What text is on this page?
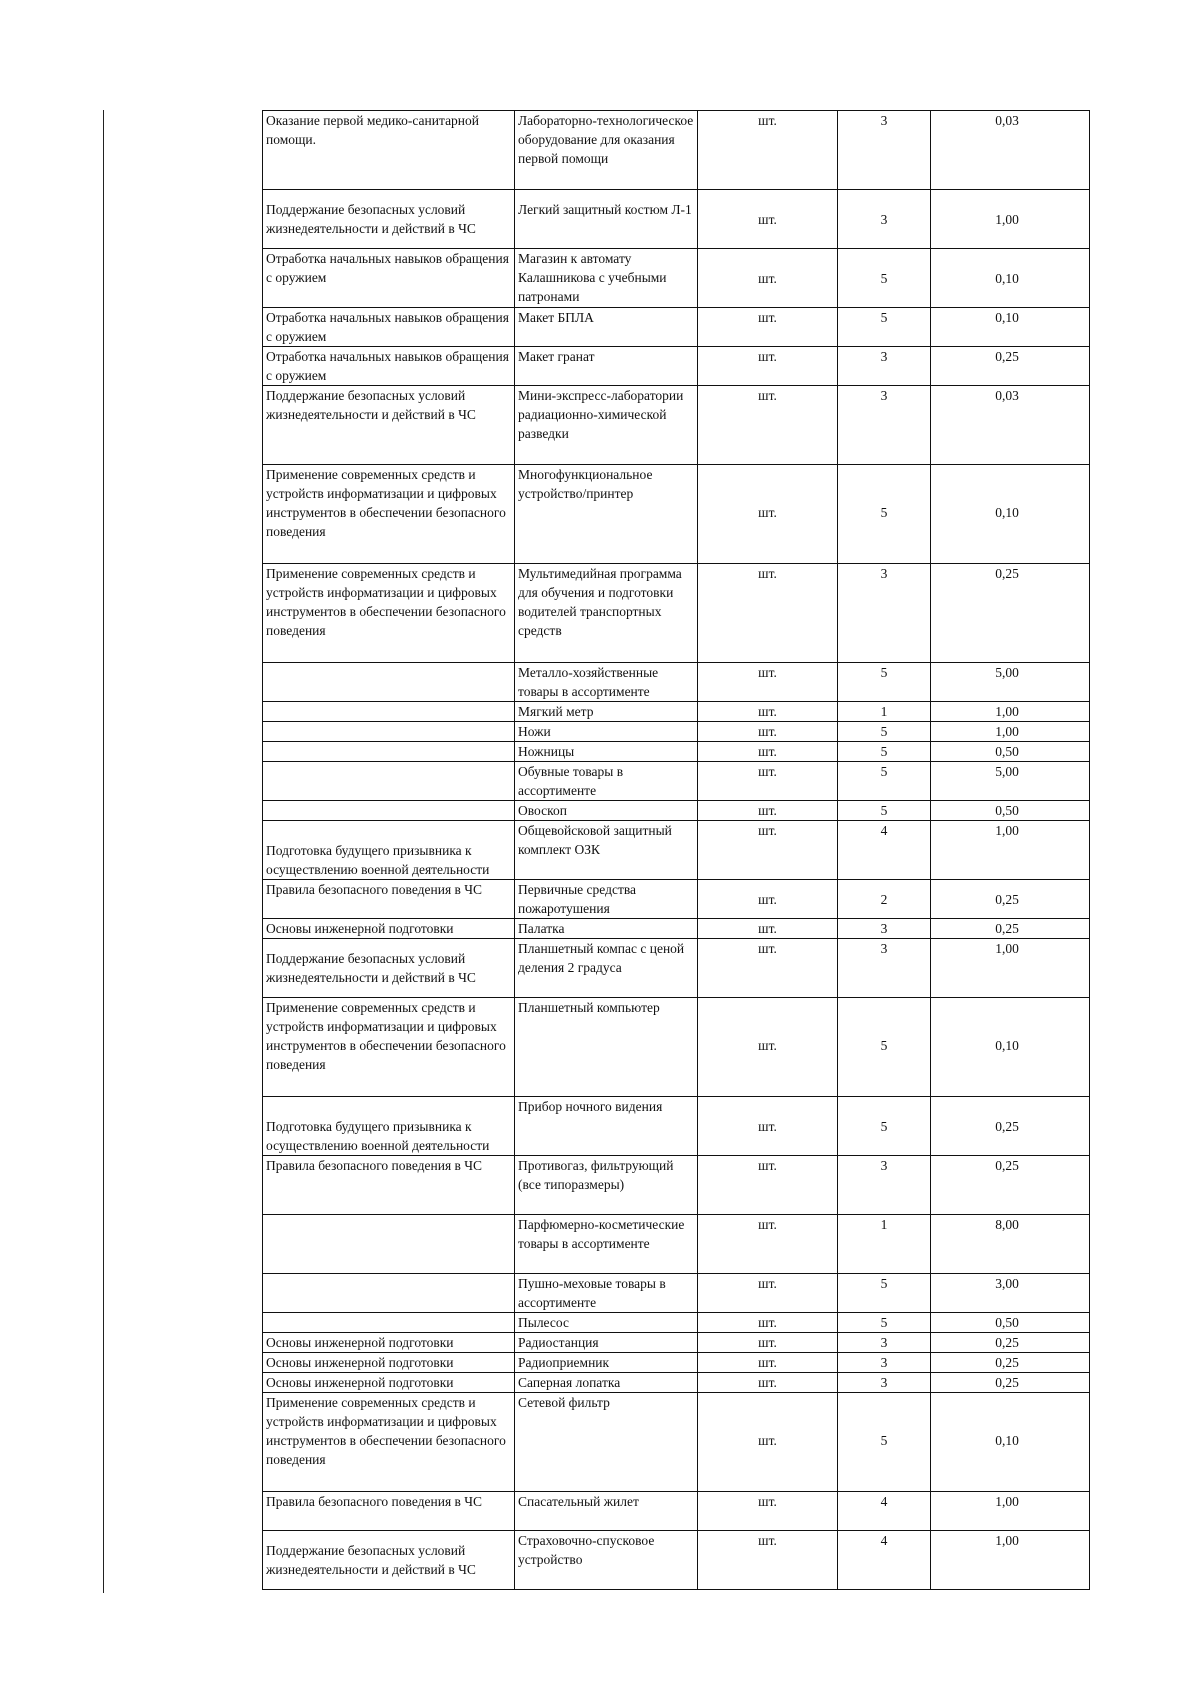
Оказание первой медико-санитарной помощи.	Лабораторно-технологическое оборудование для оказания первой помощи	шт.	3	0,03

Поддержание безопасных условий жизнедеятельности и действий в ЧС	Легкий защитный костюм Л-1	шт.	3	1,00

Отработка начальных навыков обращения с оружием	Магазин к автомату Калашникова с учебными патронами	шт.	5	0,10

Отработка начальных навыков обращения с оружием	Макет БПЛА	шт.	5	0,10

Отработка начальных навыков обращения с оружием	Макет гранат	шт.	3	0,25

Поддержание безопасных условий жизнедеятельности и действий в ЧС	Мини-экспресс-лаборатории радиационно-химической разведки	шт.	3	0,03

Применение современных средств и устройств информатизации и цифровых инструментов в обеспечении безопасного поведения	Многофункциональное устройство/принтер	шт.	5	0,10

Применение современных средств и устройств информатизации и цифровых инструментов в обеспечении безопасного поведения	Мультимедийная программа для обучения и подготовки водителей транспортных средств	шт.	3	0,25

	Металло-хозяйственные товары в ассортименте	шт.	5	5,00

	Мягкий метр	шт.	1	1,00

	Ножи	шт.	5	1,00

	Ножницы	шт.	5	0,50

	Обувные товары в ассортименте	шт.	5	5,00

	Овоскоп	шт.	5	0,50

Подготовка будущего призывника к осуществлению военной деятельности	Общевойсковой защитный комплект ОЗК	шт.	4	1,00

Правила безопасного поведения в ЧС	Первичные средства пожаротушения	шт.	2	0,25

Основы инженерной подготовки	Палатка	шт.	3	0,25

Поддержание безопасных условий жизнедеятельности и действий в ЧС	Планшетный компас с ценой деления 2 градуса	шт.	3	1,00

Применение современных средств и устройств информатизации и цифровых инструментов в обеспечении безопасного поведения	Планшетный компьютер	шт.	5	0,10

Подготовка будущего призывника к осуществлению военной деятельности	Прибор ночного видения	шт.	5	0,25

Правила безопасного поведения в ЧС	Противогаз, фильтрующий (все типоразмеры)	шт.	3	0,25

	Парфюмерно-косметические товары в ассортименте	шт.	1	8,00

	Пушно-меховые товары в ассортименте	шт.	5	3,00

	Пылесос	шт.	5	0,50

Основы инженерной подготовки	Радиостанция	шт.	3	0,25

Основы инженерной подготовки	Радиоприемник	шт.	3	0,25

Основы инженерной подготовки	Саперная лопатка	шт.	3	0,25

Применение современных средств и устройств информатизации и цифровых инструментов в обеспечении безопасного поведения	Сетевой фильтр	шт.	5	0,10

Правила безопасного поведения в ЧС	Спасательный жилет	шт.	4	1,00

Поддержание безопасных условий жизнедеятельности и действий в ЧС	Страховочно-спусковое устройство	шт.	4	1,00
